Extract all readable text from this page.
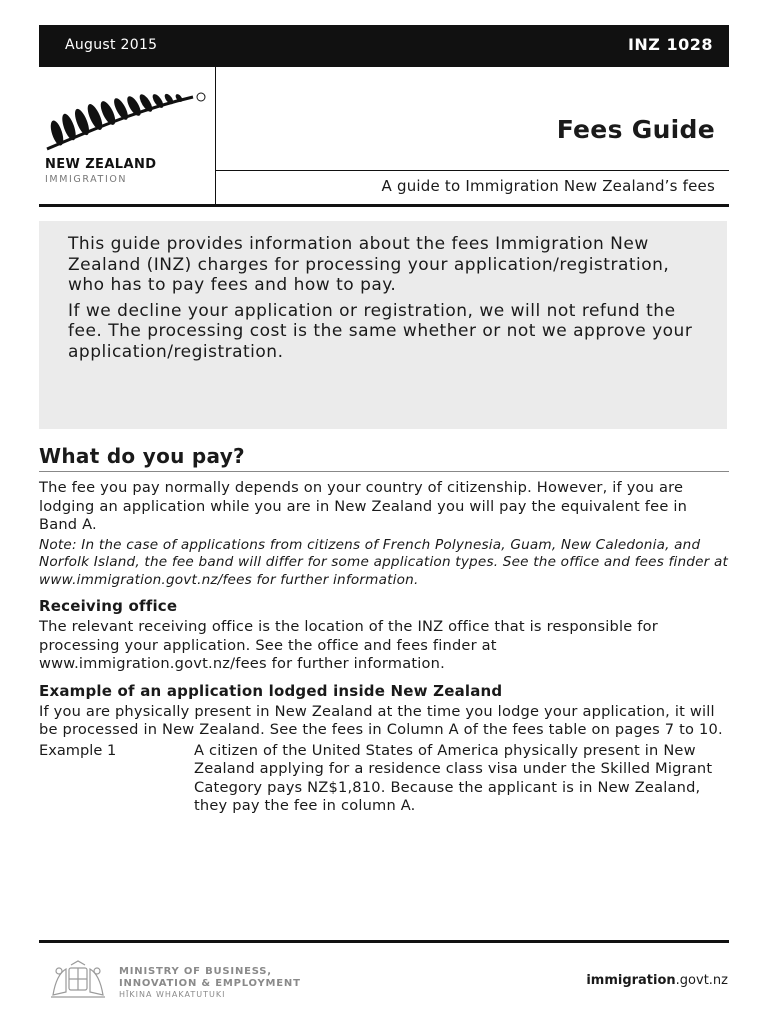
August 2015	INZ 1028
NEW ZEALAND
IMMIGRATION
Fees Guide
A guide to Immigration New Zealand’s fees

This guide provides information about the fees Immigration New Zealand (INZ) charges for processing your application/registration, who has to pay fees and how to pay.

If we decline your application or registration, we will not refund the fee. The processing cost is the same whether or not we approve your application/registration.

What do you pay?

The fee you pay normally depends on your country of citizenship. However, if you are lodging an application while you are in New Zealand you will pay the equivalent fee in Band A.

Note: In the case of applications from citizens of French Polynesia, Guam, New Caledonia, and Norfolk Island, the fee band will differ for some application types. See the office and fees finder at www.immigration.govt.nz/fees for further information.

Receiving office

The relevant receiving office is the location of the INZ office that is responsible for processing your application. See the office and fees finder at www.immigration.govt.nz/fees for further information.

Example of an application lodged inside New Zealand

If you are physically present in New Zealand at the time you lodge your application, it will be processed in New Zealand. See the fees in Column A of the fees table on pages 7 to 10.

Example 1	A citizen of the United States of America physically present in New Zealand applying for a residence class visa under the Skilled Migrant Category pays NZ$1,810. Because the applicant is in New Zealand, they pay the fee in column A.
MINISTRY OF BUSINESS,
INNOVATION & EMPLOYMENT
HĪKINA WHAKATUTUKI
immigration.govt.nz
